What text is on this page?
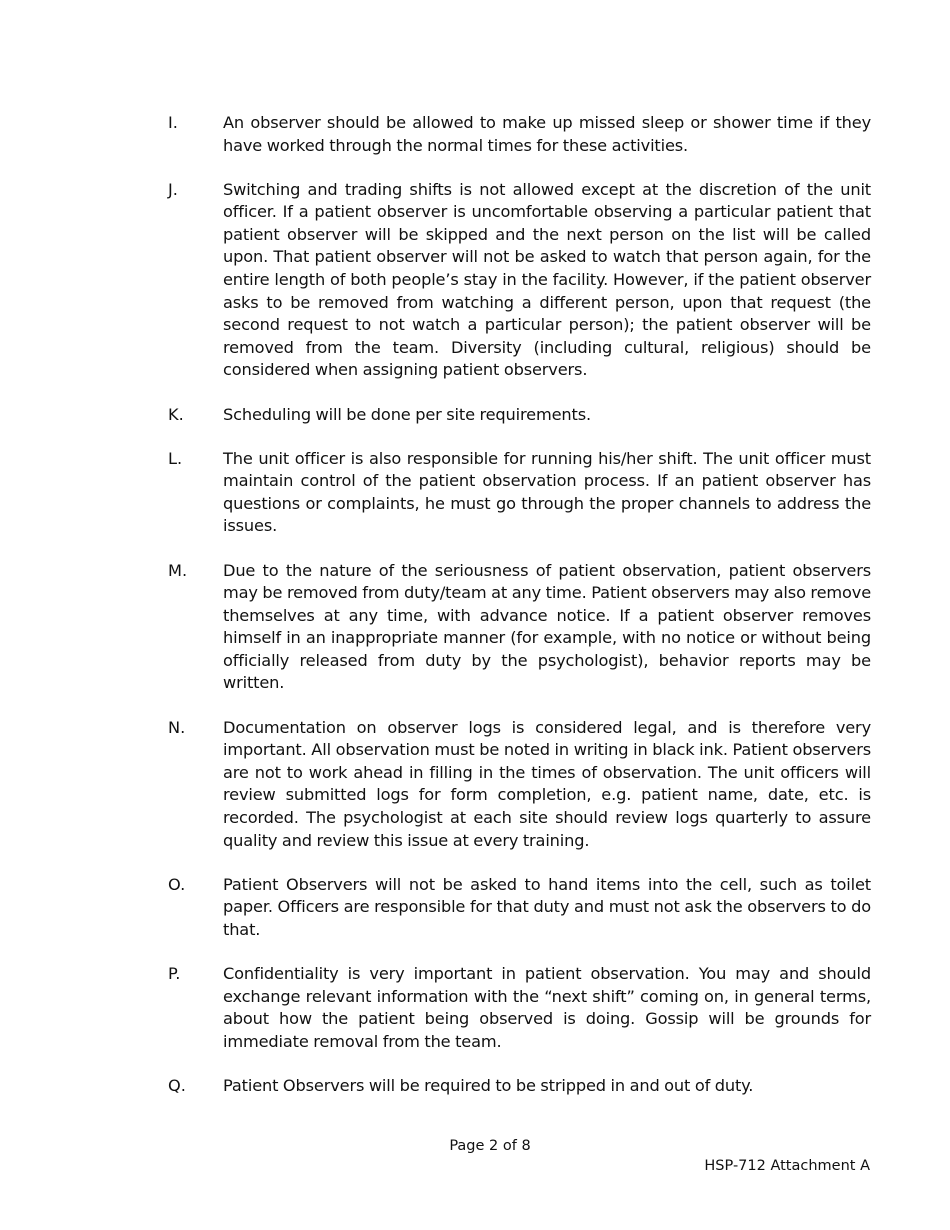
I.	An observer should be allowed to make up missed sleep or shower time if they have worked through the normal times for these activities.
J.	Switching and trading shifts is not allowed except at the discretion of the unit officer. If a patient observer is uncomfortable observing a particular patient that patient observer will be skipped and the next person on the list will be called upon. That patient observer will not be asked to watch that person again, for the entire length of both people’s stay in the facility. However, if the patient observer asks to be removed from watching a different person, upon that request (the second request to not watch a particular person); the patient observer will be removed from the team. Diversity (including cultural, religious) should be considered when assigning patient observers.
K.	Scheduling will be done per site requirements.
L.	The unit officer is also responsible for running his/her shift. The unit officer must maintain control of the patient observation process. If an patient observer has questions or complaints, he must go through the proper channels to address the issues.
M.	Due to the nature of the seriousness of patient observation, patient observers may be removed from duty/team at any time. Patient observers may also remove themselves at any time, with advance notice. If a patient observer removes himself in an inappropriate manner (for example, with no notice or without being officially released from duty by the psychologist), behavior reports may be written.
N.	Documentation on observer logs is considered legal, and is therefore very important. All observation must be noted in writing in black ink. Patient observers are not to work ahead in filling in the times of observation. The unit officers will review submitted logs for form completion, e.g. patient name, date, etc. is recorded. The psychologist at each site should review logs quarterly to assure quality and review this issue at every training.
O.	Patient Observers will not be asked to hand items into the cell, such as toilet paper. Officers are responsible for that duty and must not ask the observers to do that.
P.	Confidentiality is very important in patient observation. You may and should exchange relevant information with the “next shift” coming on, in general terms, about how the patient being observed is doing. Gossip will be grounds for immediate removal from the team.
Q.	Patient Observers will be required to be stripped in and out of duty.
Page 2 of 8
HSP-712 Attachment A
